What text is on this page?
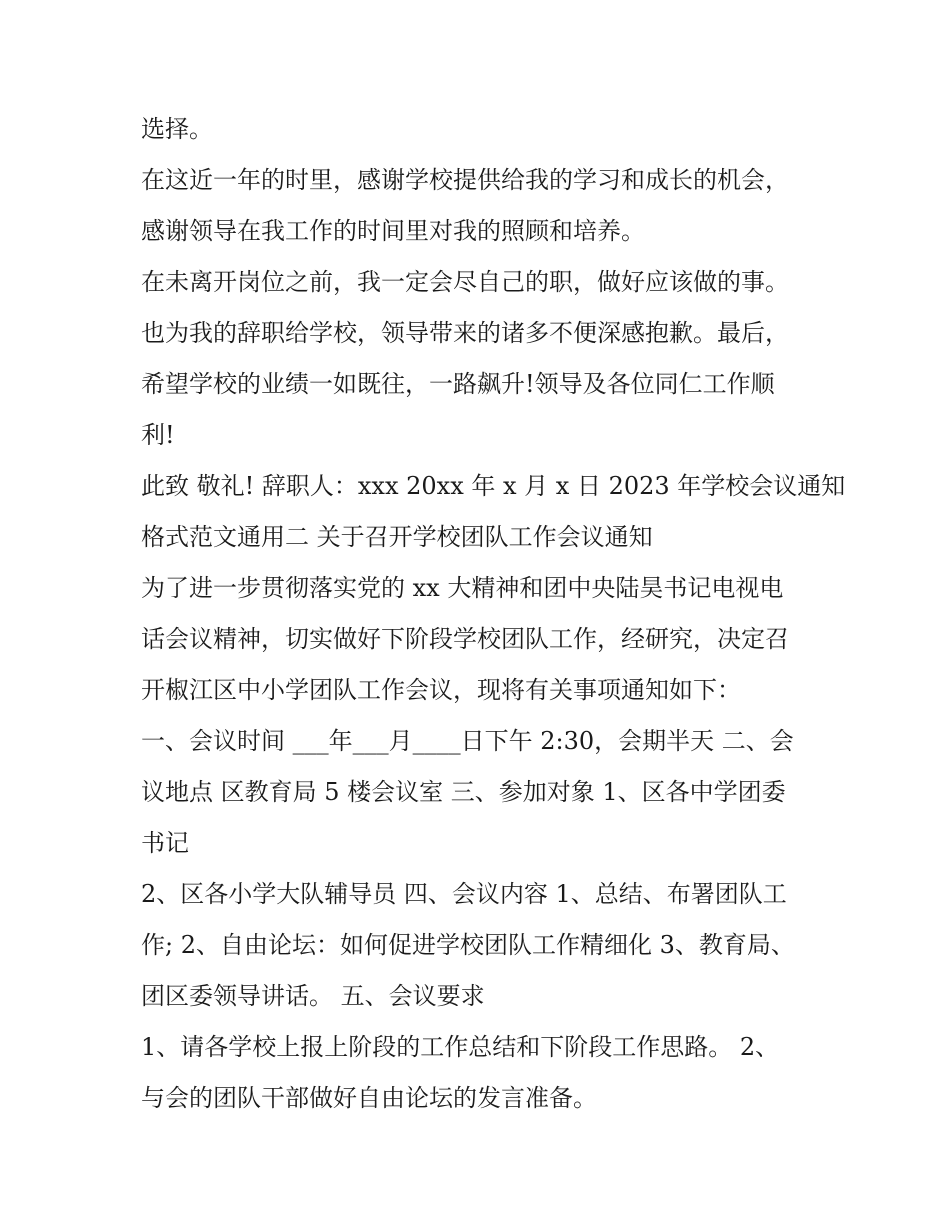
选择。
在这近一年的时里，感谢学校提供给我的学习和成长的机会，
感谢领导在我工作的时间里对我的照顾和培养。
在未离开岗位之前，我一定会尽自己的职，做好应该做的事。
也为我的辞职给学校，领导带来的诸多不便深感抱歉。最后，
希望学校的业绩一如既往，一路飙升!领导及各位同仁工作顺
利!
此致 敬礼! 辞职人：xxx 20xx 年 x 月 x 日 2023 年学校会议通知
格式范文通用二 关于召开学校团队工作会议通知
为了进一步贯彻落实党的 xx 大精神和团中央陆昊书记电视电
话会议精神，切实做好下阶段学校团队工作，经研究，决定召
开椒江区中小学团队工作会议，现将有关事项通知如下：
一、会议时间 ___年___月____日下午 2:30，会期半天 二、会
议地点 区教育局 5 楼会议室 三、参加对象 1、区各中学团委
书记
2、区各小学大队辅导员 四、会议内容 1、总结、布署团队工
作; 2、自由论坛：如何促进学校团队工作精细化 3、教育局、
团区委领导讲话。 五、会议要求
1、请各学校上报上阶段的工作总结和下阶段工作思路。 2、
与会的团队干部做好自由论坛的发言准备。
